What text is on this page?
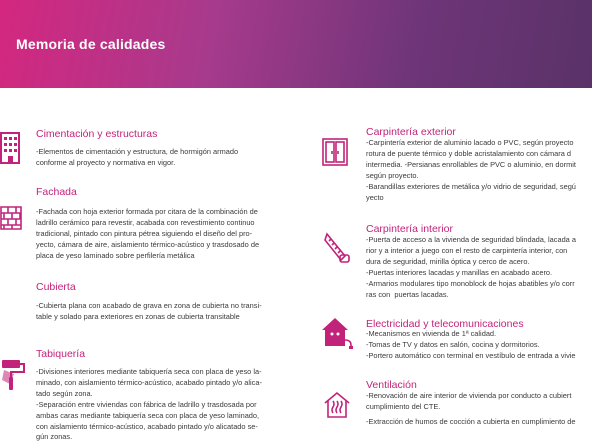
Memoria de calidades
Cimentación y estructuras
-Elementos de cimentación y estructura, de hormigón armado
conforme al proyecto y normativa en vigor.
Fachada
-Fachada con hoja exterior formada por citara de la combinación de
ladrillo cerámico para revestir, acabada con revestimiento continuo
tradicional, pintado con pintura pétrea siguiendo el diseño del pro-
yecto, cámara de aire, aislamiento térmico-acústico y trasdosado de
placa de yeso laminado sobre perfilería metálica
Cubierta
-Cubierta plana con acabado de grava en zona de cubierta no transi-
table y solado para exteriores en zonas de cubierta transitable
Tabiquería
-Divisiones interiores mediante tabiquería seca con placa de yeso la-
minado, con aislamiento térmico-acústico, acabado pintado y/o alica-
tado según zona.
-Separación entre viviendas con fábrica de ladrillo y trasdosada por
ambas caras mediante tabiquería seca con placa de yeso laminado,
con aislamiento térmico-acústico, acabado pintado y/o alicatado se-
gún zonas.
Carpintería exterior
-Carpintería exterior de aluminio lacado o PVC, según proyecto
rotura de puente térmico y doble acristalamiento con cámara d
intermedia. -Persianas enrollables de PVC o aluminio, en dormit
según proyecto.
-Barandillas exteriores de metálica y/o vidrio de seguridad, segú
yecto
Carpintería interior
-Puerta de acceso a la vivienda de seguridad blindada, lacada a
rior y a interior a juego con el resto de carpintería interior, con
dura de seguridad, mirilla óptica y cerco de acero.
-Puertas interiores lacadas y manillas en acabado acero.
-Armarios modulares tipo monoblock de hojas abatibles y/o corr
ras con  puertas lacadas.
Electricidad y telecomunicaciones
-Mecanismos en vivienda de 1ª calidad.
-Tomas de TV y datos en salón, cocina y dormitorios.
-Portero automático con terminal en vestíbulo de entrada a vivie
Ventilación
-Renovación de aire interior de vivienda por conducto a cubiert
cumplimiento del CTE.
-Extracción de humos de cocción a cubierta en cumplimiento de
